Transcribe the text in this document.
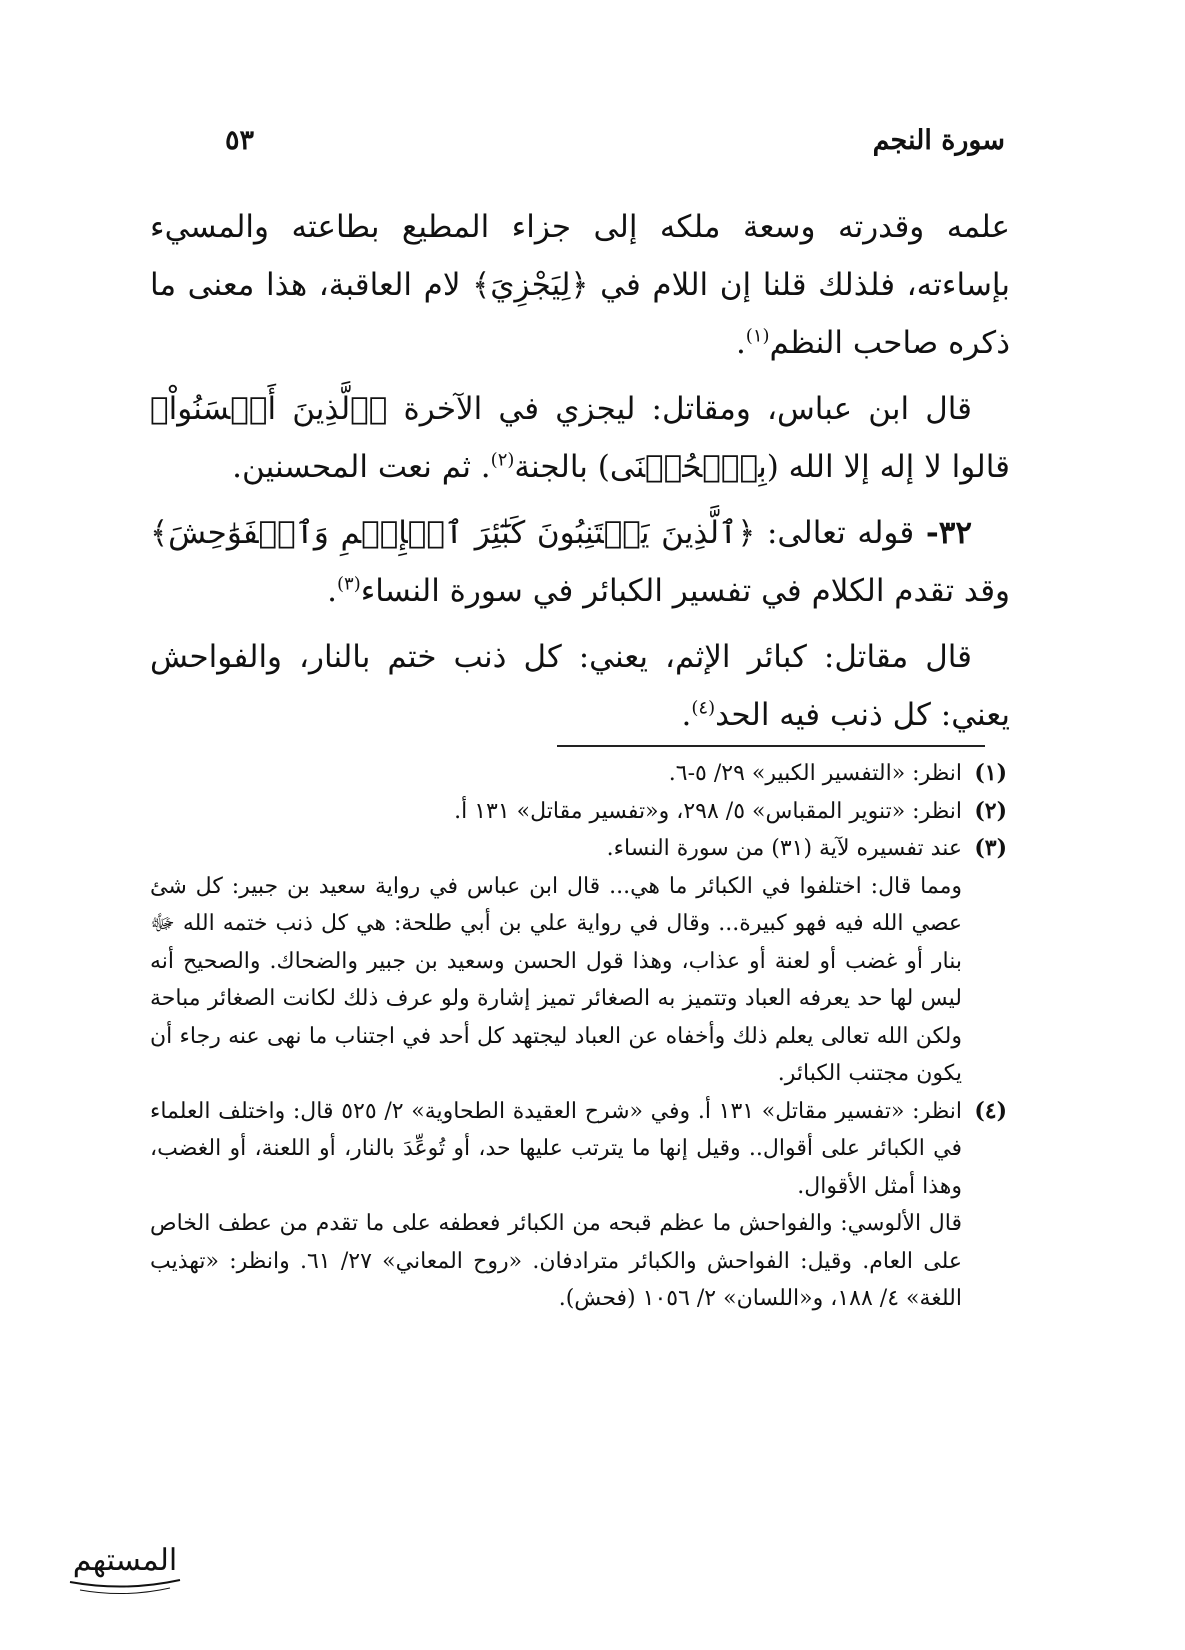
سورة النجم
٥٣

علمه وقدرته وسعة ملكه إلى جزاء المطيع بطاعته والمسيء بإساءته، فلذلك قلنا إن اللام في ﴿لِيَجْزِيَ﴾ لام العاقبة، هذا معنى ما ذكره صاحب النظم$^{(١)}$.

قال ابن عباس، ومقاتل: ليجزي في الآخرة ﴿ٱلَّذِينَ أَحۡسَنُواْ﴾ قالوا لا إله إلا الله (بِٱلۡحُسۡنَى) بالجنة$^{(٢)}$. ثم نعت المحسنين.

٣٢- قوله تعالى: ﴿ٱلَّذِينَ يَجۡتَنِبُونَ كَبَٰٓئِرَ ٱلۡإِثۡمِ وَٱلۡفَوَٰحِشَ﴾ وقد تقدم الكلام في تفسير الكبائر في سورة النساء$^{(٣)}$.

قال مقاتل: كبائر الإثم، يعني: كل ذنب ختم بالنار، والفواحش يعني: كل ذنب فيه الحد$^{(٤)}$.

(١)
انظر: «التفسير الكبير» ٢٩/ ٥-٦.

(٢)
انظر: «تنوير المقباس» ٥/ ٢٩٨، و«تفسير مقاتل» ١٣١ أ.

(٣)
عند تفسيره لآية (٣١) من سورة النساء.

ومما قال: اختلفوا في الكبائر ما هي... قال ابن عباس في رواية سعيد بن جبير: كل شئ عصي الله فيه فهو كبيرة... وقال في رواية علي بن أبي طلحة: هي كل ذنب ختمه الله ﷻ بنار أو غضب أو لعنة أو عذاب، وهذا قول الحسن وسعيد بن جبير والضحاك. والصحيح أنه ليس لها حد يعرفه العباد وتتميز به الصغائر تميز إشارة ولو عرف ذلك لكانت الصغائر مباحة ولكن الله تعالى يعلم ذلك وأخفاه عن العباد ليجتهد كل أحد في اجتناب ما نهى عنه رجاء أن يكون مجتنب الكبائر.

(٤)
انظر: «تفسير مقاتل» ١٣١ أ. وفي «شرح العقيدة الطحاوية» ٢/ ٥٢٥ قال: واختلف العلماء في الكبائر على أقوال.. وقيل إنها ما يترتب عليها حد، أو تُوعِّدَ بالنار، أو اللعنة، أو الغضب، وهذا أمثل الأقوال.

قال الألوسي: والفواحش ما عظم قبحه من الكبائر فعطفه على ما تقدم من عطف الخاص على العام. وقيل: الفواحش والكبائر مترادفان. «روح المعاني» ٢٧/ ٦١. وانظر: «تهذيب اللغة» ٤/ ١٨٨، و«اللسان» ٢/ ١٠٥٦ (فحش).

المستهم
